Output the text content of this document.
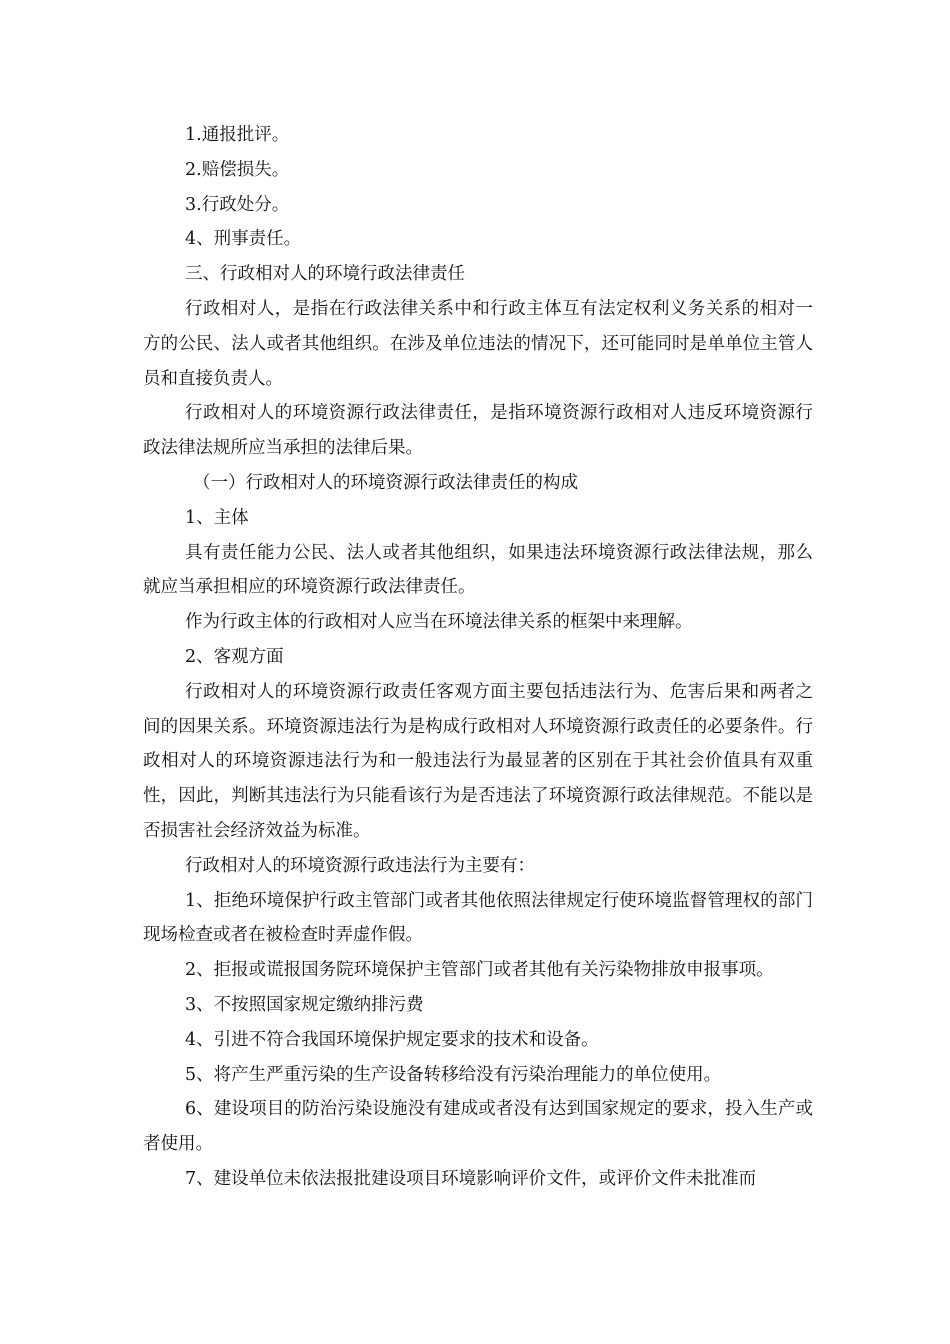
1.通报批评。

2.赔偿损失。

3.行政处分。

4、刑事责任。

三、行政相对人的环境行政法律责任

行政相对人，是指在行政法律关系中和行政主体互有法定权利义务关系的相对一方的公民、法人或者其他组织。在涉及单位违法的情况下，还可能同时是单单位主管人员和直接负责人。

行政相对人的环境资源行政法律责任，是指环境资源行政相对人违反环境资源行政法律法规所应当承担的法律后果。

（一）行政相对人的环境资源行政法律责任的构成

1、主体

具有责任能力公民、法人或者其他组织，如果违法环境资源行政法律法规，那么就应当承担相应的环境资源行政法律责任。

作为行政主体的行政相对人应当在环境法律关系的框架中来理解。

2、客观方面

行政相对人的环境资源行政责任客观方面主要包括违法行为、危害后果和两者之间的因果关系。环境资源违法行为是构成行政相对人环境资源行政责任的必要条件。行政相对人的环境资源违法行为和一般违法行为最显著的区别在于其社会价值具有双重性，因此，判断其违法行为只能看该行为是否违法了环境资源行政法律规范。不能以是否损害社会经济效益为标准。

行政相对人的环境资源行政违法行为主要有：

1、拒绝环境保护行政主管部门或者其他依照法律规定行使环境监督管理权的部门现场检查或者在被检查时弄虚作假。

2、拒报或谎报国务院环境保护主管部门或者其他有关污染物排放申报事项。

3、不按照国家规定缴纳排污费

4、引进不符合我国环境保护规定要求的技术和设备。

5、将产生严重污染的生产设备转移给没有污染治理能力的单位使用。

6、建设项目的防治污染设施没有建成或者没有达到国家规定的要求，投入生产或者使用。

7、建设单位未依法报批建设项目环境影响评价文件，或评价文件未批准而
